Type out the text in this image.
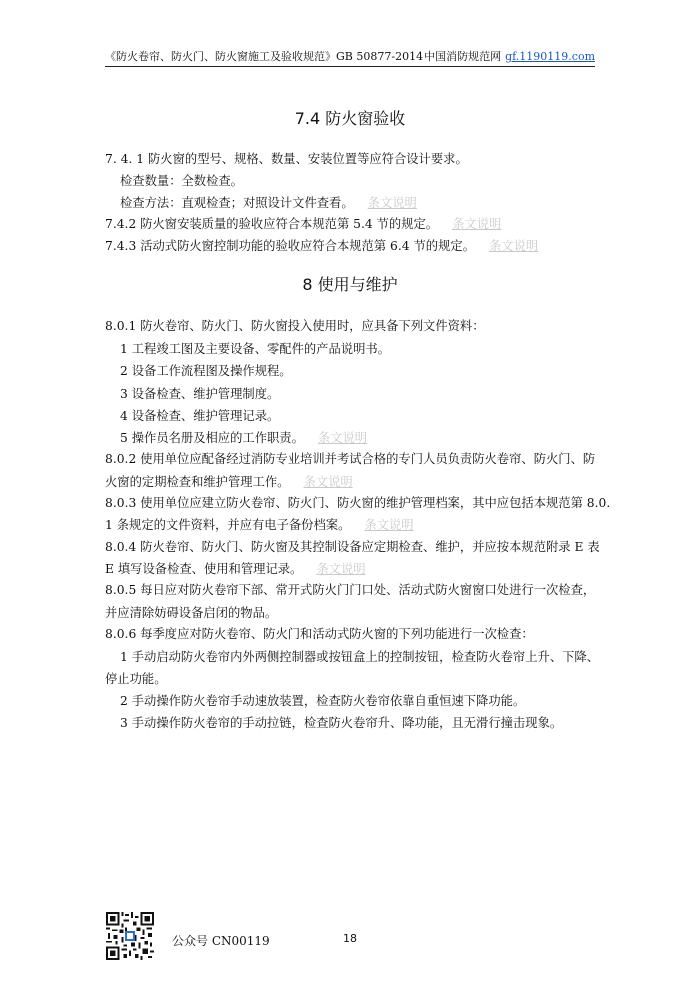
《防火卷帘、防火门、防火窗施工及验收规范》GB 50877-2014 中国消防规范网 gf.1190119.com
7.4 防火窗验收
7. 4. 1 防火窗的型号、规格、数量、安装位置等应符合设计要求。
检查数量：全数检查。
检查方法：直观检查；对照设计文件查看。 条文说明
7.4.2 防火窗安装质量的验收应符合本规范第 5.4 节的规定。 条文说明
7.4.3 活动式防火窗控制功能的验收应符合本规范第 6.4 节的规定。 条文说明
8 使用与维护
8.0.1 防火卷帘、防火门、防火窗投入使用时，应具备下列文件资料：
1 工程竣工图及主要设备、零配件的产品说明书。
2 设备工作流程图及操作规程。
3 设备检查、维护管理制度。
4 设备检查、维护管理记录。
5 操作员名册及相应的工作职责。 条文说明
8.0.2 使用单位应配备经过消防专业培训并考试合格的专门人员负责防火卷帘、防火门、防
火窗的定期检查和维护管理工作。 条文说明
8.0.3 使用单位应建立防火卷帘、防火门、防火窗的维护管理档案，其中应包括本规范第 8.0.
1 条规定的文件资料，并应有电子备份档案。 条文说明
8.0.4 防火卷帘、防火门、防火窗及其控制设备应定期检查、维护，并应按本规范附录 E 表
E 填写设备检查、使用和管理记录。 条文说明
8.0.5 每日应对防火卷帘下部、常开式防火门门口处、活动式防火窗窗口处进行一次检查，
并应清除妨碍设备启闭的物品。
8.0.6 每季度应对防火卷帘、防火门和活动式防火窗的下列功能进行一次检查：
1 手动启动防火卷帘内外两侧控制器或按钮盒上的控制按钮，检查防火卷帘上升、下降、
停止功能。
2 手动操作防火卷帘手动速放装置，检查防火卷帘依靠自重恒速下降功能。
3 手动操作防火卷帘的手动拉链，检查防火卷帘升、降功能，且无滑行撞击现象。
公众号 CN00119	18
